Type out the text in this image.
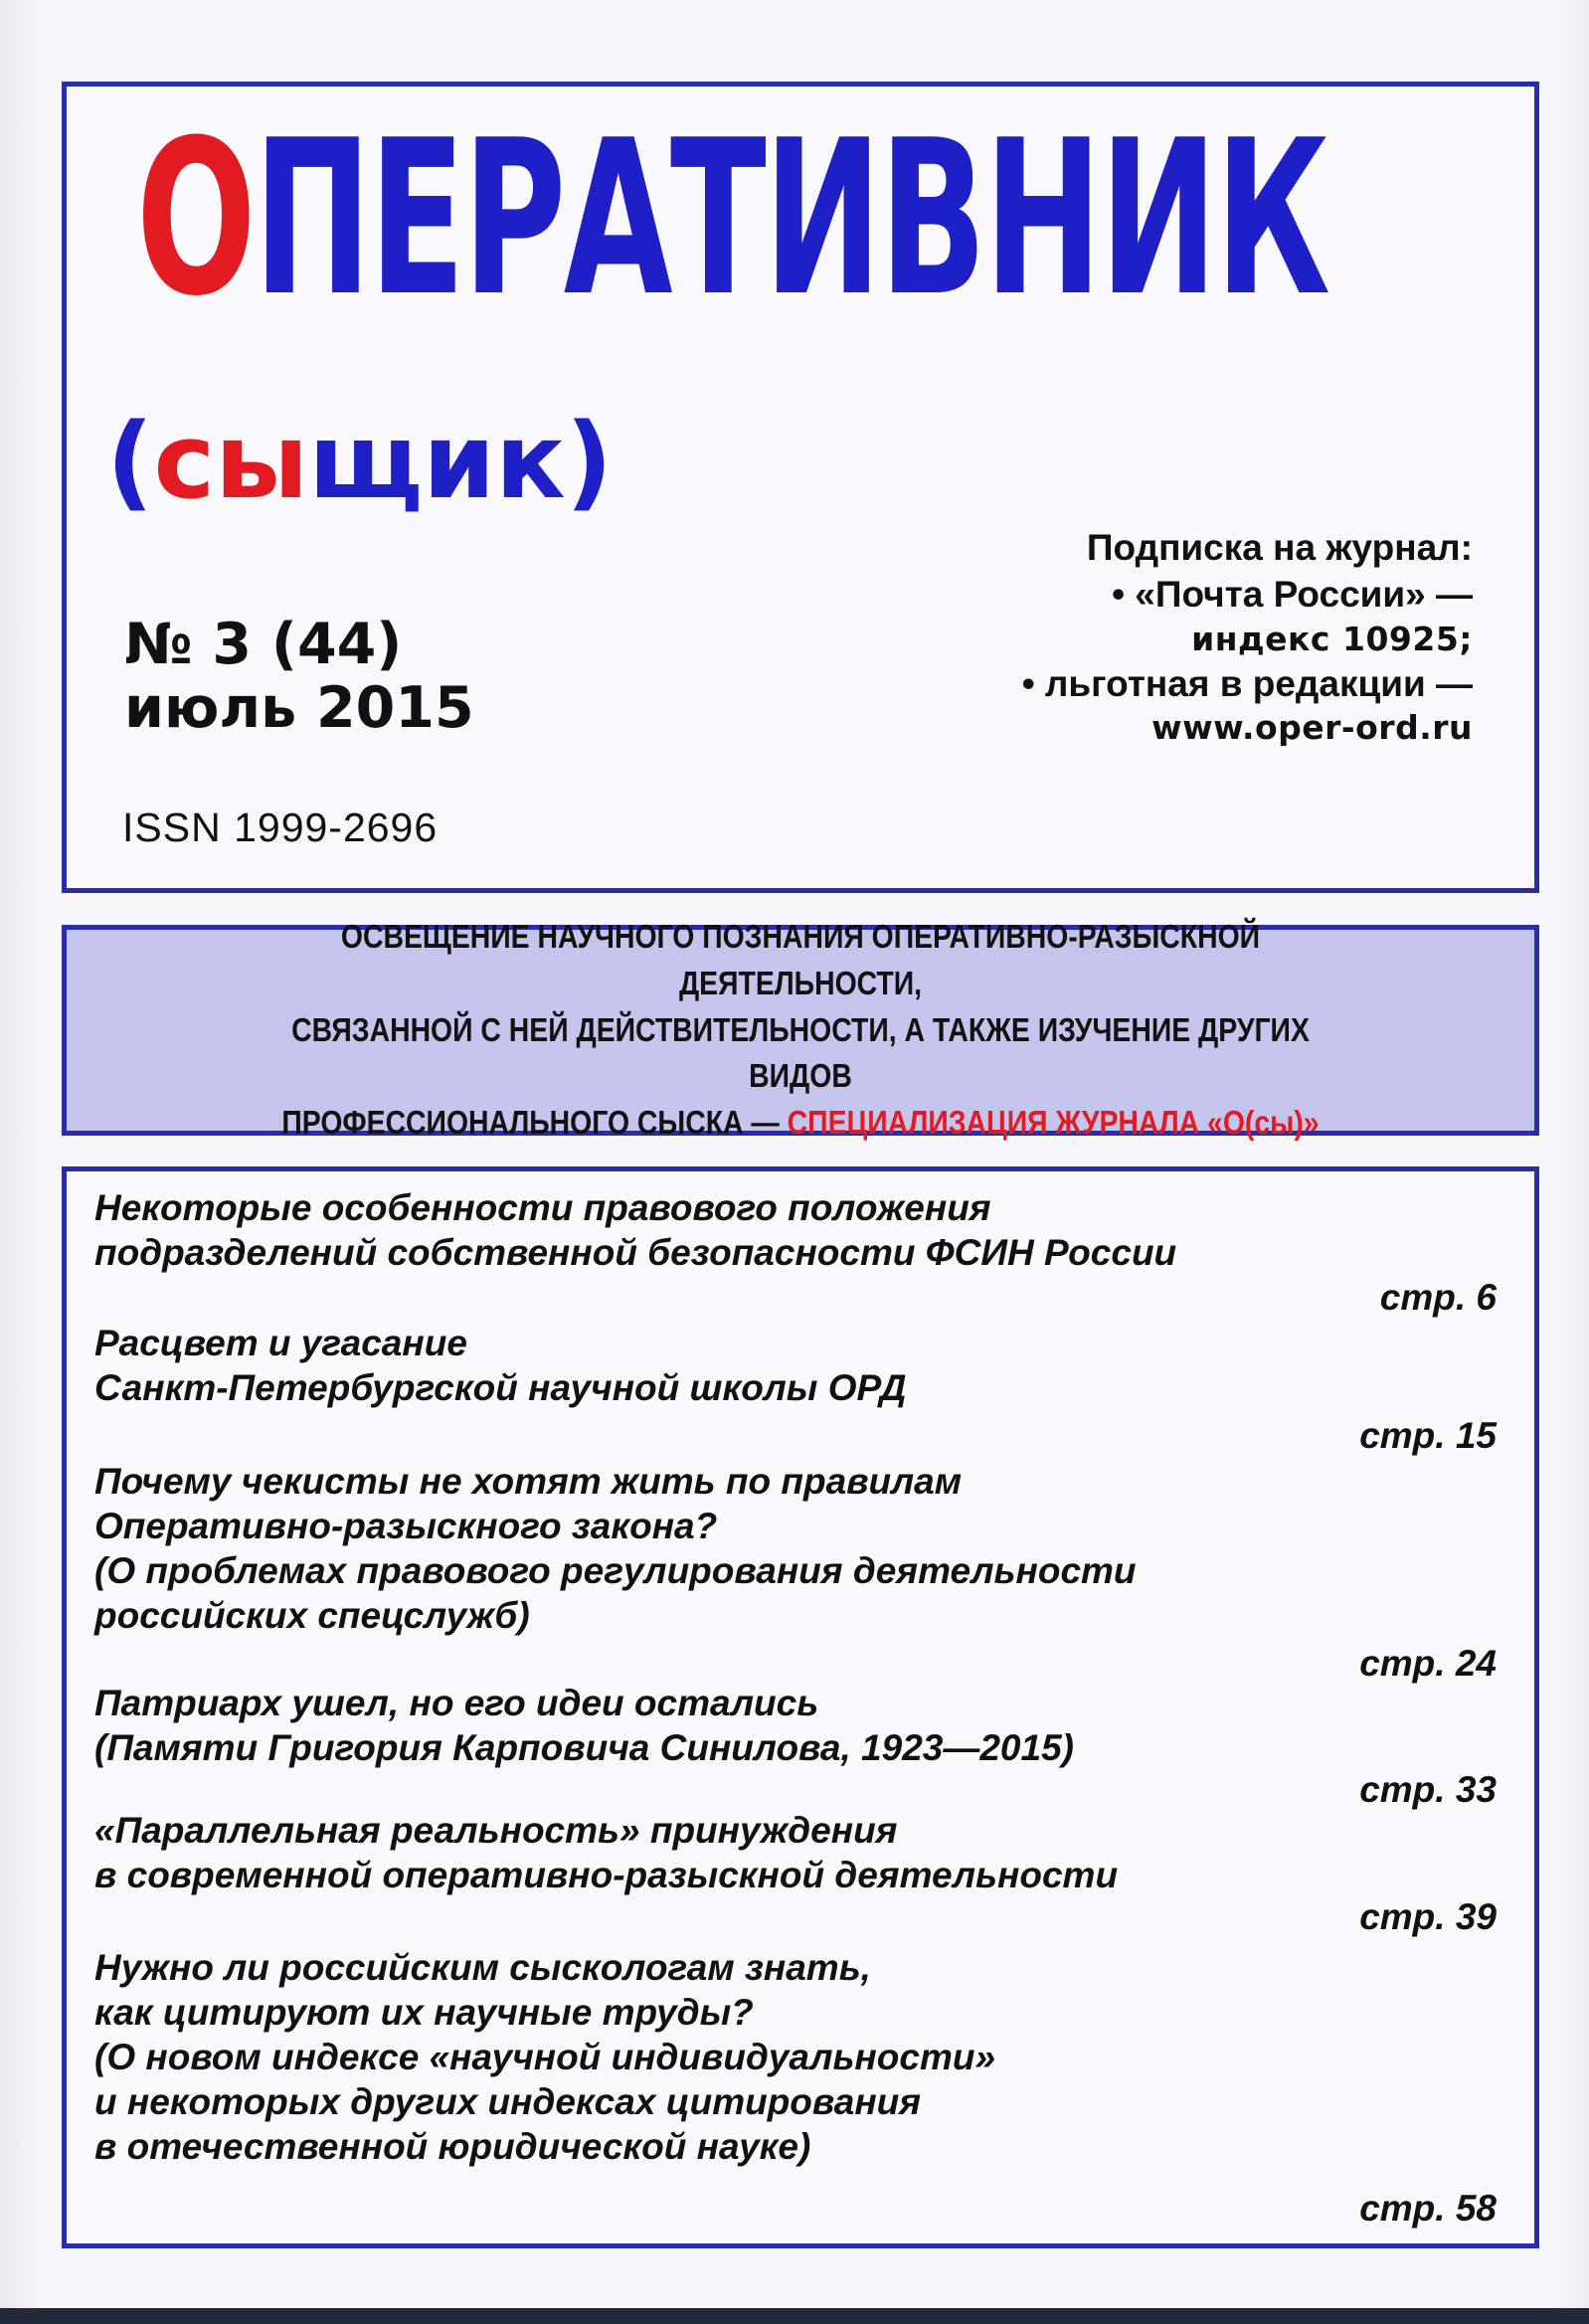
ОПЕРАТИВНИК
(сыщик)
№ 3 (44)
июль 2015
ISSN 1999-2696
Подписка на журнал:
• «Почта России» —
индекс 10925;
• льготная в редакции —
www.oper-ord.ru
ОСВЕЩЕНИЕ НАУЧНОГО ПОЗНАНИЯ ОПЕРАТИВНО-РАЗЫСКНОЙ ДЕЯТЕЛЬНОСТИ,
СВЯЗАННОЙ С НЕЙ ДЕЙСТВИТЕЛЬНОСТИ, А ТАКЖЕ ИЗУЧЕНИЕ ДРУГИХ ВИДОВ
ПРОФЕССИОНАЛЬНОГО СЫСКА — СПЕЦИАЛИЗАЦИЯ ЖУРНАЛА «О(сы)»
Некоторые особенности правового положения
подразделений собственной безопасности ФСИН России
стр. 6
Расцвет и угасание
Санкт-Петербургской научной школы ОРД
стр. 15
Почему чекисты не хотят жить по правилам
Оперативно-разыскного закона?
(О проблемах правового регулирования деятельности
российских спецслужб)
стр. 24
Патриарх ушел, но его идеи остались
(Памяти Григория Карповича Синилова, 1923—2015)
стр. 33
«Параллельная реальность» принуждения
в современной оперативно-разыскной деятельности
стр. 39
Нужно ли российским сыскологам знать,
как цитируют их научные труды?
(О новом индексе «научной индивидуальности»
и некоторых других индексах цитирования
в отечественной юридической науке)
стр. 58
